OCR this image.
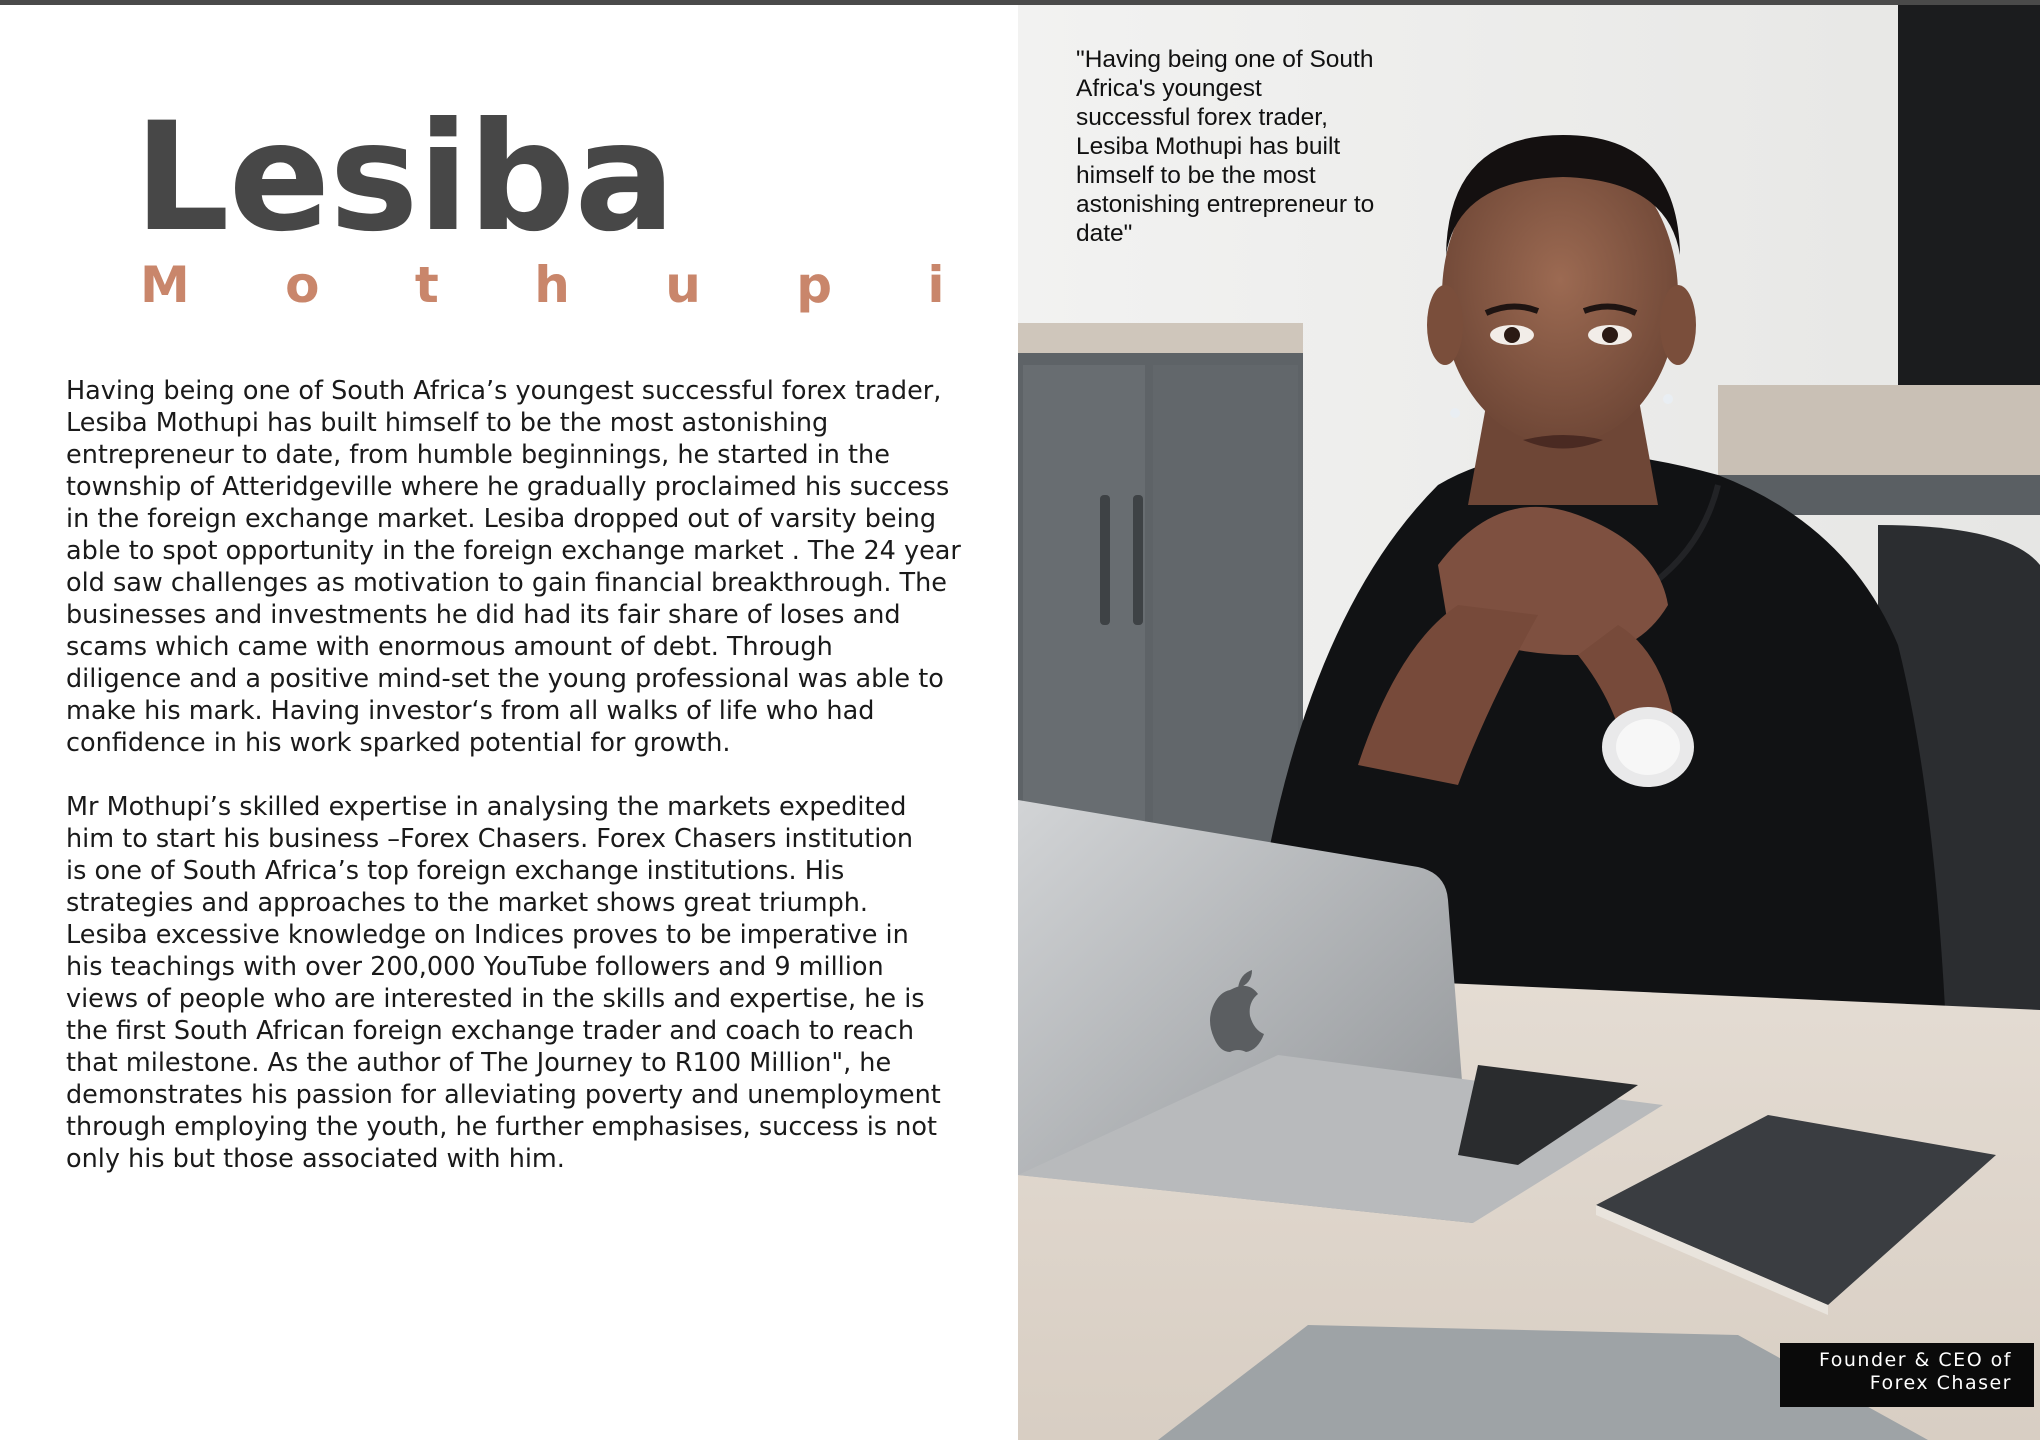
Lesiba
M o t h u p i

Having being one of South Africa’s youngest successful forex trader,
Lesiba Mothupi has built himself to be the most astonishing
entrepreneur to date, from humble beginnings, he started in the
township of Atteridgeville where he gradually proclaimed his success
in the foreign exchange market. Lesiba dropped out of varsity being
able to spot opportunity in the foreign exchange market . The 24 year
old saw challenges as motivation to gain financial breakthrough. The
businesses and investments he did had its fair share of loses and
scams which came with enormous amount of debt. Through
diligence and a positive mind-set the young professional was able to
make his mark. Having investor‘s from all walks of life who had
confidence in his work sparked potential for growth.

Mr Mothupi’s skilled expertise in analysing the markets expedited
him to start his business –Forex Chasers. Forex Chasers institution
is one of South Africa’s top foreign exchange institutions. His
strategies and approaches to the market shows great triumph.
Lesiba excessive knowledge on Indices proves to be imperative in
his teachings with over 200,000 YouTube followers and 9 million
views of people who are interested in the skills and expertise, he is
the first South African foreign exchange trader and coach to reach
that milestone. As the author of The Journey to R100 Million", he
demonstrates his passion for alleviating poverty and unemployment
through employing the youth, he further emphasises, success is not
only his but those associated with him.

"Having being one of South
Africa's youngest
successful forex trader,
Lesiba Mothupi has built
himself to be the most
astonishing entrepreneur to
date"
Founder & CEO of
Forex Chaser
